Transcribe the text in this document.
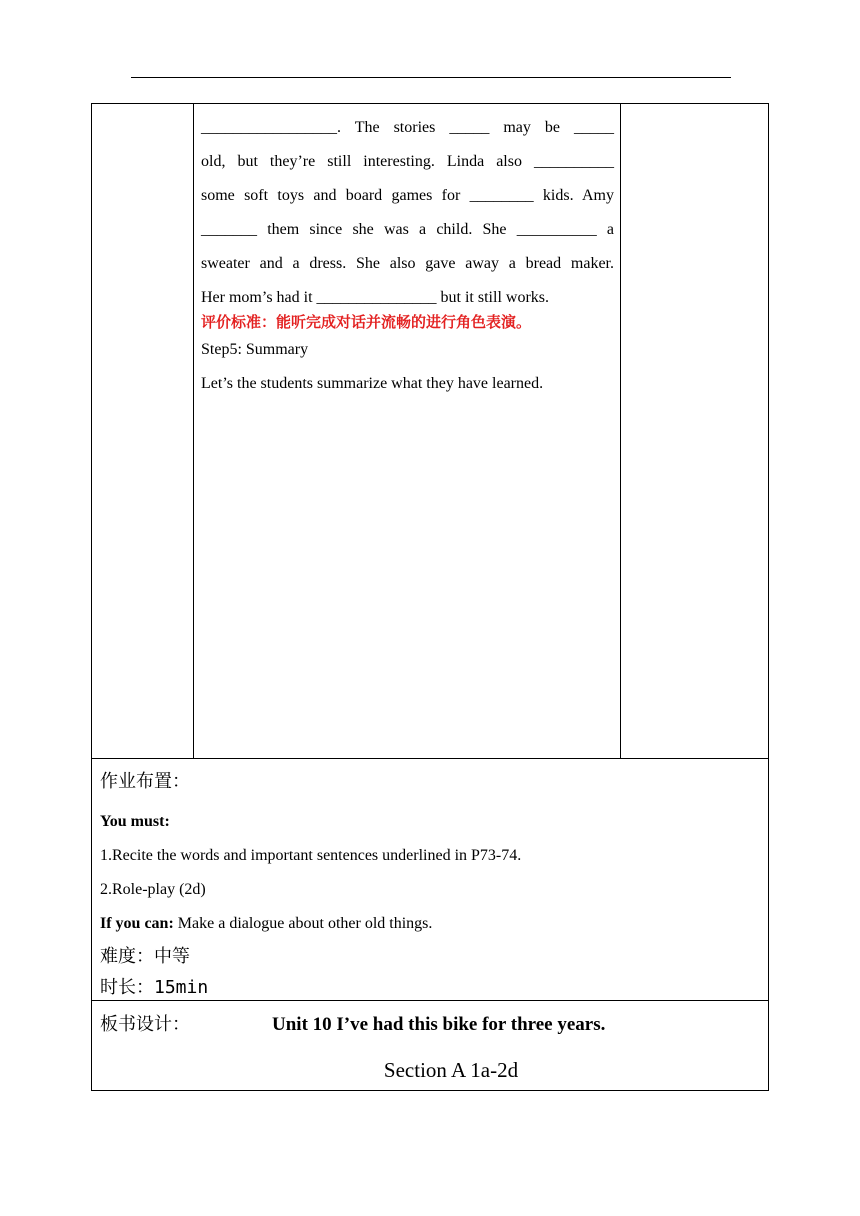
_________________. The stories _____ may be _____

old, but they’re still interesting. Linda also __________

some soft toys and board games for ________ kids. Amy

_______ them since she was a child. She __________ a

sweater and a dress. She also gave away a bread maker.

Her mom’s had it _______________ but it still works.

评价标准：能听完成对话并流畅的进行角色表演。
Step5: Summary
Let’s the students summarize what they have learned.
作业布置：
You must:
1.Recite the words and important sentences underlined in P73-74.
2.Role-play (2d)
If you can: Make a dialogue about other old things.
难度：中等
时长：15min
板书设计：	Unit 10 I’ve had this bike for three years.
Section A 1a-2d
